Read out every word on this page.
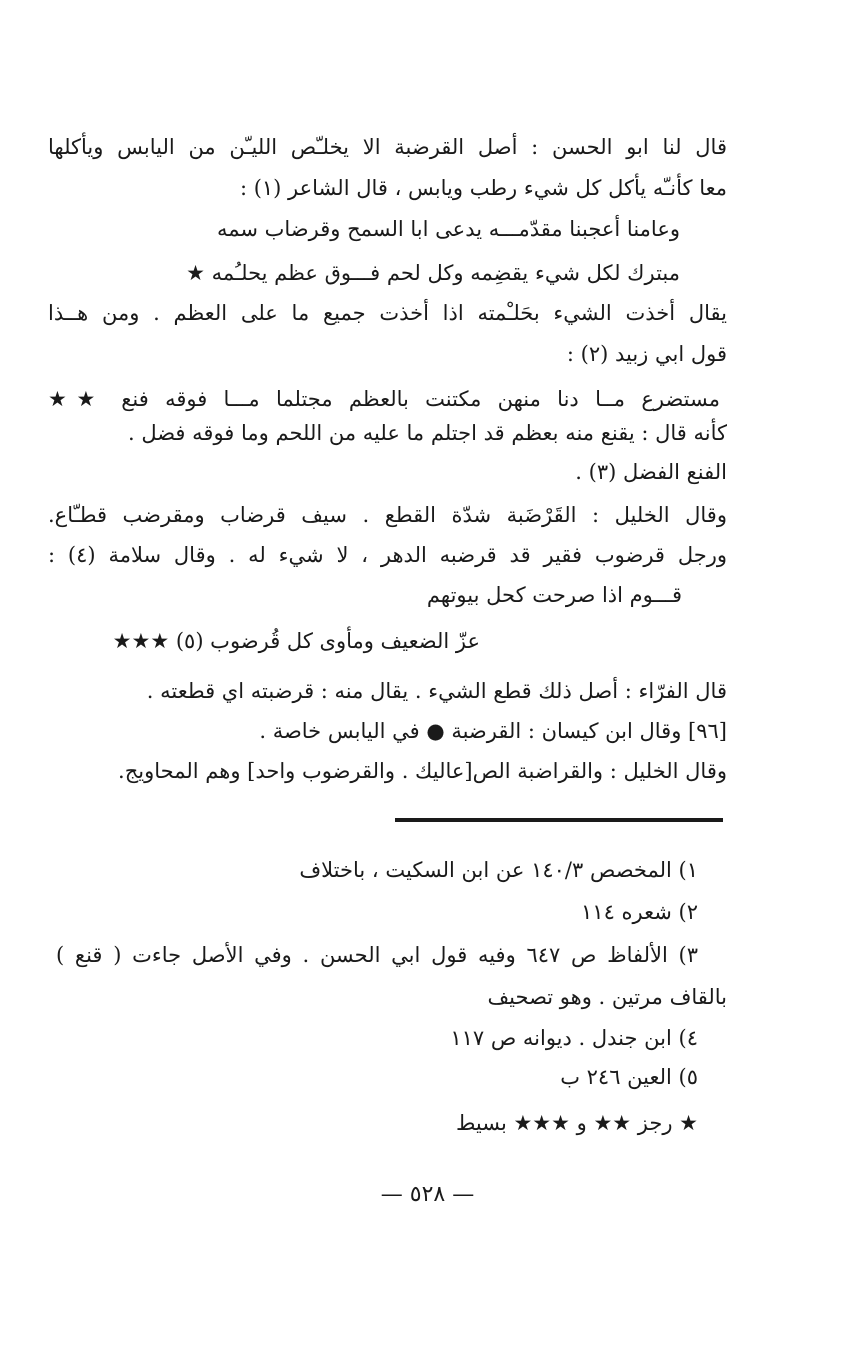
قال لنا ابو الحسن : أصل القرضبة الا يخلـّص الليـّن من اليابس ويأكلها
معا كأنـّه يأكل كل شيء رطب ويابس ، قال الشاعر (١) :
وعامنا أعجبنا مقدّمـــه يدعى ابا السمح وقرضاب سمه
مبترك لكل شيء يقضِمه وكل لحم فـــوق عظم يحلـُمه ★
يقال أخذت الشيء بحَلـْمته اذا أخذت جميع ما على العظم . ومن هــذا
قول ابي زبيد (٢) :
مستضرع مــا دنا منهن مكتنت بالعظم مجتلما مـــا فوقه فنع ★★
كأنه قال : يقنع منه بعظم قد اجتلم ما عليه من اللحم وما فوقه فضل .
الفنع الفضل (٣) .
وقال الخليل : القَرْضَبة شدّة القطع . سيف قرضاب ومقرضب قطـّاع.
ورجل قرضوب فقير قد قرضبه الدهر ، لا شيء له . وقال سلامة (٤) :
قـــوم اذا صرحت كحل بيوتهم
عزّ الضعيف ومأوى كل قُرضوب (٥) ★★★
قال الفرّاء : أصل ذلك قطع الشيء . يقال منه : قرضبته اي قطعته .
[٩٦] وقال ابن كيسان : القرضبة ● في اليابس خاصة .
وقال الخليل : والقراضبة الص[عاليك . والقرضوب واحد] وهم المحاويج.
١) المخصص ١٤٠/٣ عن ابن السكيت ، باختلاف
٢) شعره ١١٤
٣) الألفاظ ص ٦٤٧ وفيه قول ابي الحسن . وفي الأصل جاءت ( قنع )
بالقاف مرتين . وهو تصحيف
٤) ابن جندل . ديوانه ص ١١٧
٥) العين ٢٤٦ ب
★ رجز ★★ و ★★★ بسيط
— ٥٢٨ —
